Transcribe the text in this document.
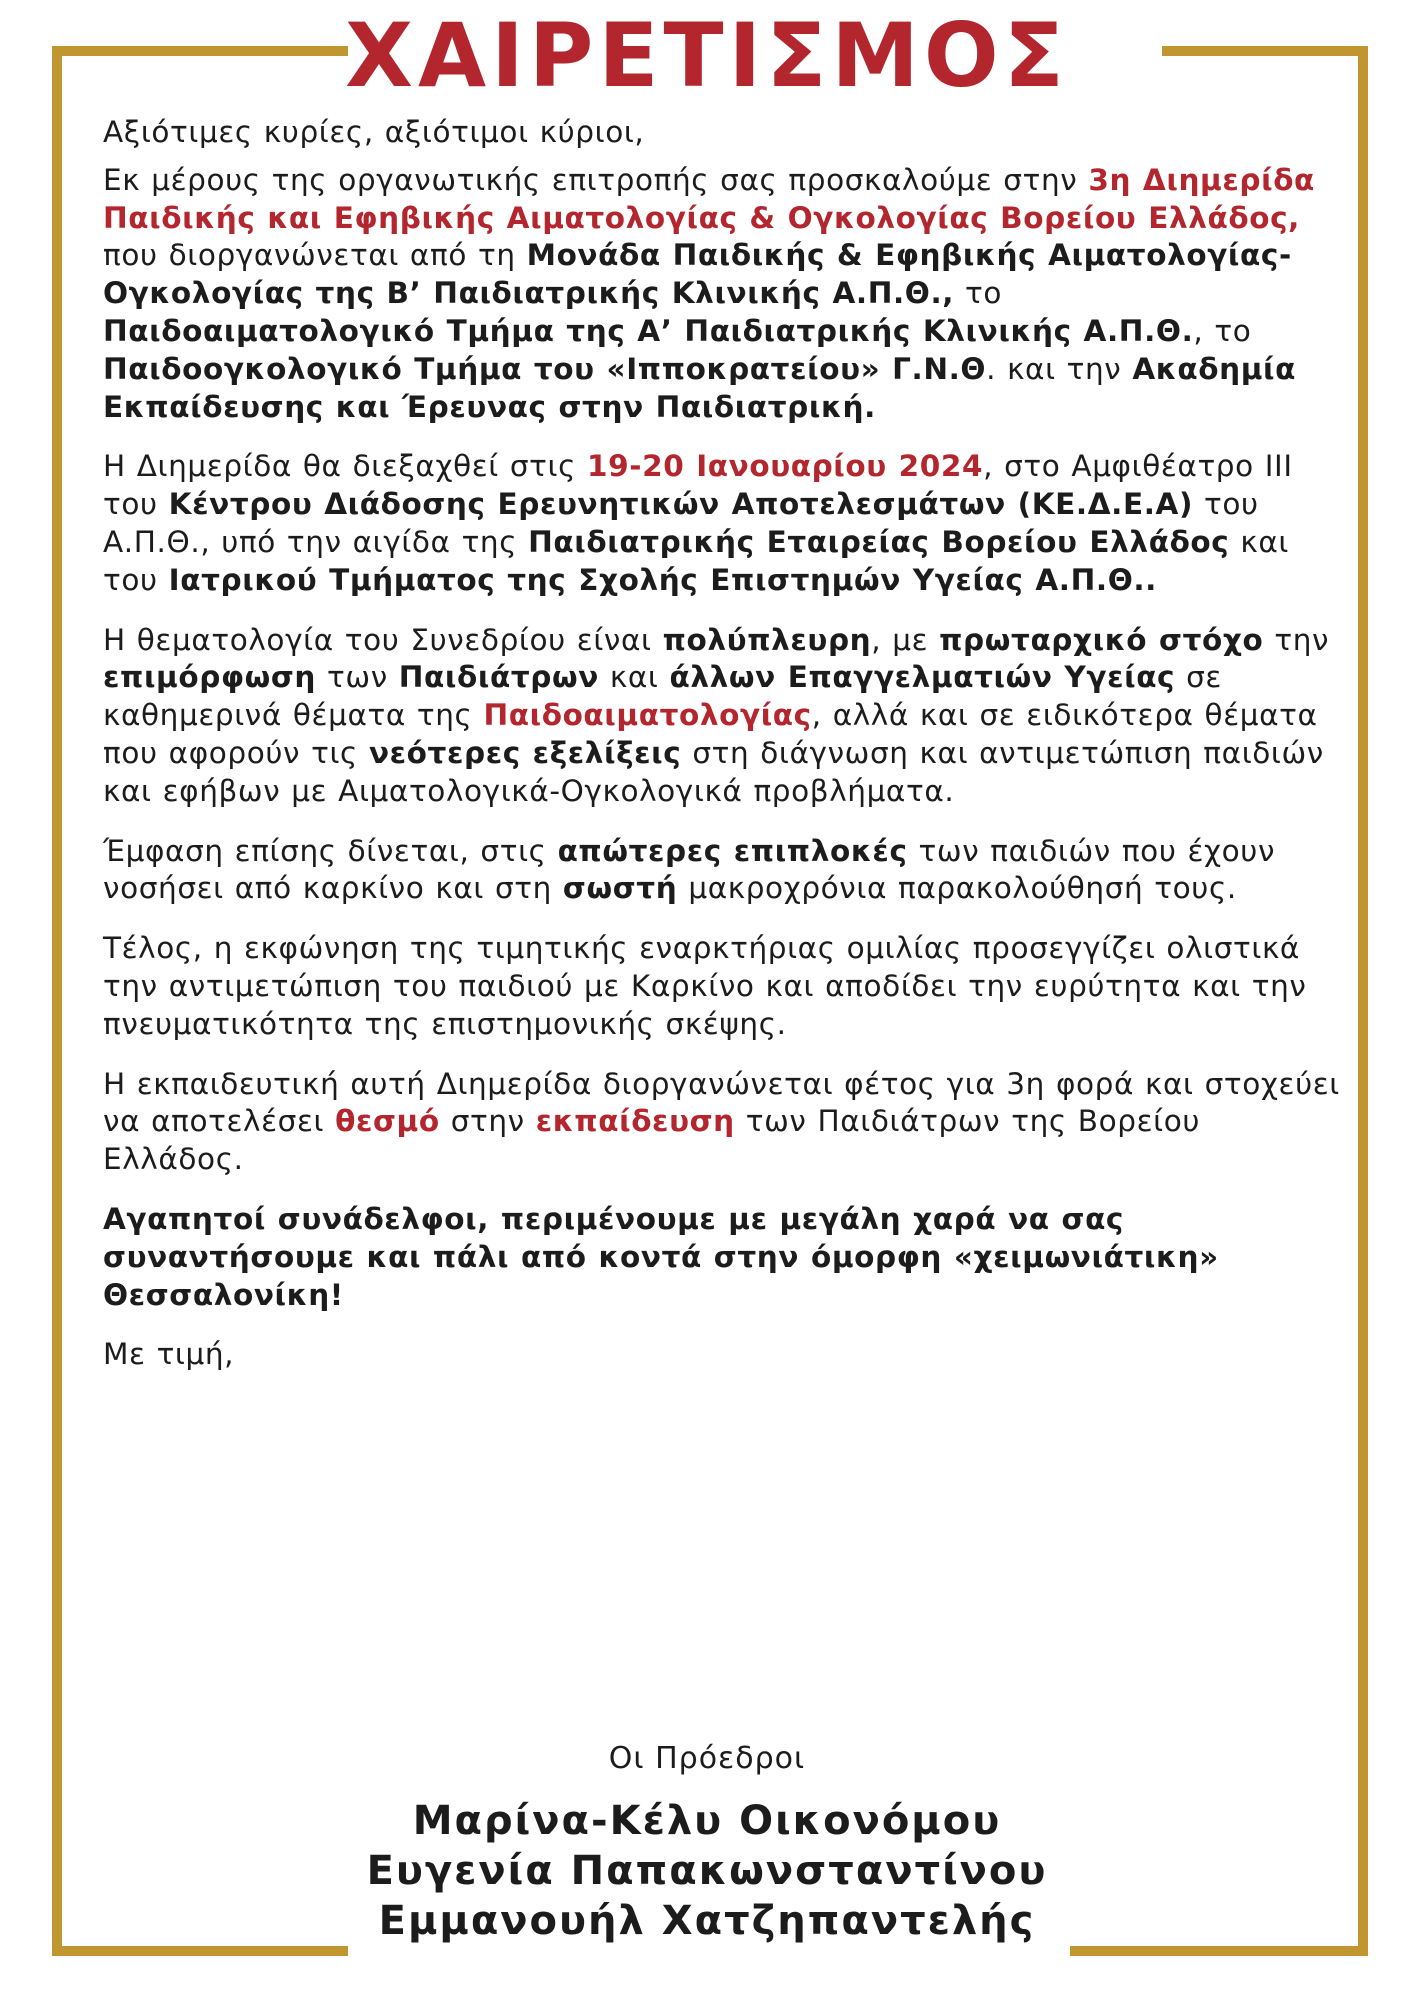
ΧΑΙΡΕΤΙΣΜΟΣ

Αξιότιμες κυρίες, αξιότιμοι κύριοι,

Εκ μέρους της οργανωτικής επιτροπής σας προσκαλούμε στην 3η Διημερίδα Παιδικής και Εφηβικής Αιματολογίας & Ογκολογίας Βορείου Ελλάδος, που διοργανώνεται από τη Μονάδα Παιδικής & Εφηβικής Αιματολογίας-Ογκολογίας της Β’ Παιδιατρικής Κλινικής Α.Π.Θ., το Παιδοαιματολογικό Τμήμα της Α’ Παιδιατρικής Κλινικής Α.Π.Θ., το Παιδοογκολογικό Τμήμα του «Ιπποκρατείου» Γ.Ν.Θ. και την Ακαδημία Εκπαίδευσης και Έρευνας στην Παιδιατρική.

Η Διημερίδα θα διεξαχθεί στις 19-20 Ιανουαρίου 2024, στο Αμφιθέατρο ΙΙΙ του Κέντρου Διάδοσης Ερευνητικών Αποτελεσμάτων (ΚΕ.Δ.Ε.Α) του Α.Π.Θ., υπό την αιγίδα της Παιδιατρικής Εταιρείας Βορείου Ελλάδος και του Ιατρικού Τμήματος της Σχολής Επιστημών Υγείας Α.Π.Θ..

Η θεματολογία του Συνεδρίου είναι πολύπλευρη, με πρωταρχικό στόχο την επιμόρφωση των Παιδιάτρων και άλλων Επαγγελματιών Υγείας σε καθημερινά θέματα της Παιδοαιματολογίας, αλλά και σε ειδικότερα θέματα που αφορούν τις νεότερες εξελίξεις στη διάγνωση και αντιμετώπιση παιδιών και εφήβων με Αιματολογικά-Ογκολογικά προβλήματα.

Έμφαση επίσης δίνεται, στις απώτερες επιπλοκές των παιδιών που έχουν νοσήσει από καρκίνο και στη σωστή μακροχρόνια παρακολούθησή τους.

Τέλος, η εκφώνηση της τιμητικής εναρκτήριας ομιλίας προσεγγίζει ολιστικά την αντιμετώπιση του παιδιού με Καρκίνο και αποδίδει την ευρύτητα και την πνευματικότητα της επιστημονικής σκέψης.

Η εκπαιδευτική αυτή Διημερίδα διοργανώνεται φέτος για 3η φορά και στοχεύει να αποτελέσει θεσμό στην εκπαίδευση των Παιδιάτρων της Βορείου Ελλάδος.

Αγαπητοί συνάδελφοι, περιμένουμε με μεγάλη χαρά να σας συναντήσουμε και πάλι από κοντά στην όμορφη «χειμωνιάτικη» Θεσσαλονίκη!

Με τιμή,

Οι Πρόεδροι
Μαρίνα-Κέλυ Οικονόμου
Ευγενία Παπακωνσταντίνου
Εμμανουήλ Χατζηπαντελής
